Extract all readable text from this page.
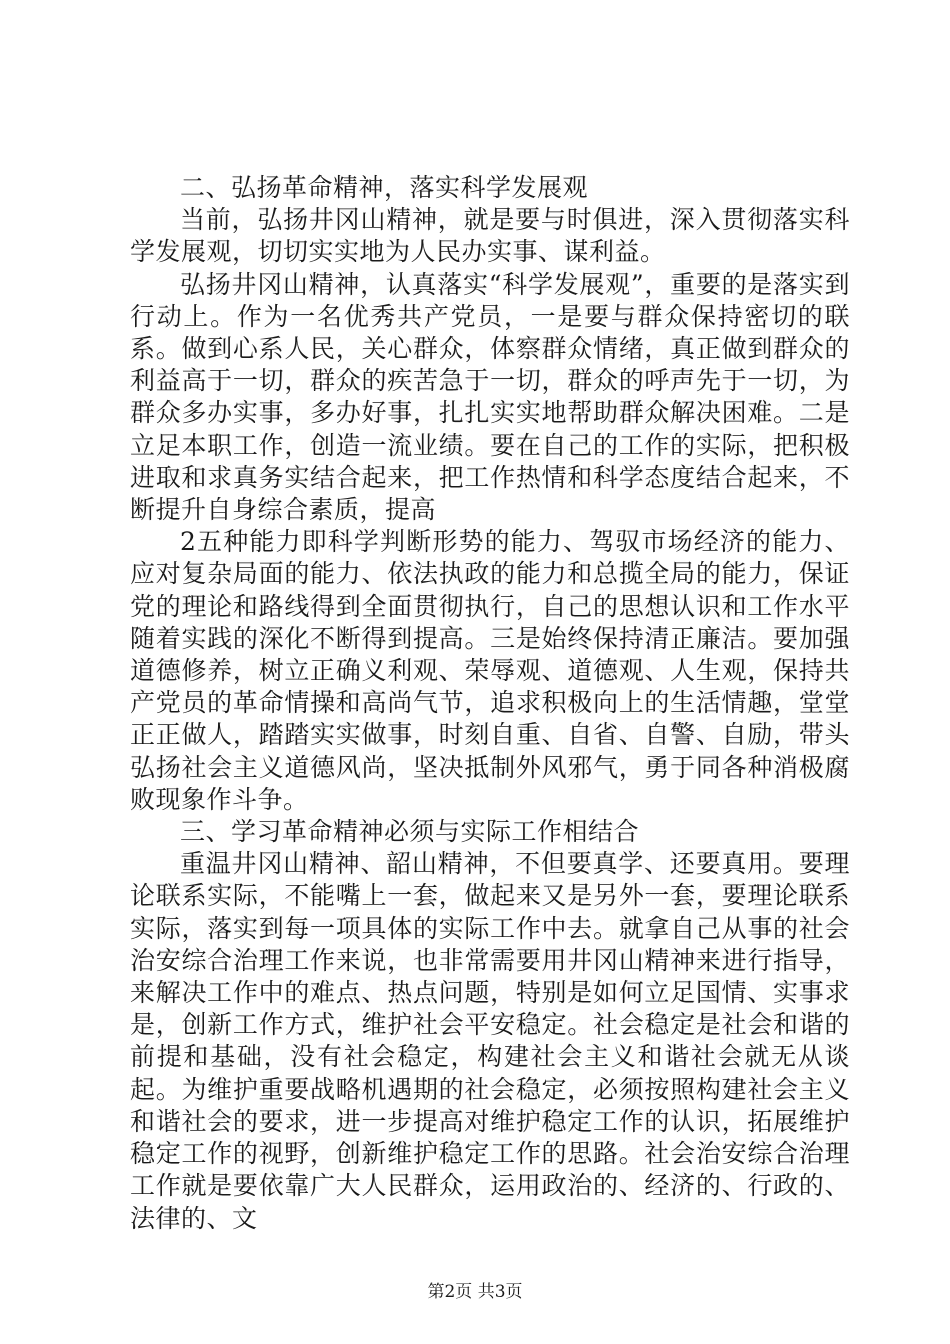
二、弘扬革命精神，落实科学发展观

当前，弘扬井冈山精神，就是要与时俱进，深入贯彻落实科学发展观，切切实实地为人民办实事、谋利益。

弘扬井冈山精神，认真落实“科学发展观”，重要的是落实到行动上。作为一名优秀共产党员，一是要与群众保持密切的联系。做到心系人民，关心群众，体察群众情绪，真正做到群众的利益高于一切，群众的疾苦急于一切，群众的呼声先于一切，为群众多办实事，多办好事，扎扎实实地帮助群众解决困难。二是立足本职工作，创造一流业绩。要在自己的工作的实际，把积极进取和求真务实结合起来，把工作热情和科学态度结合起来，不断提升自身综合素质，提高

2五种能力即科学判断形势的能力、驾驭市场经济的能力、应对复杂局面的能力、依法执政的能力和总揽全局的能力，保证党的理论和路线得到全面贯彻执行，自己的思想认识和工作水平随着实践的深化不断得到提高。三是始终保持清正廉洁。要加强道德修养，树立正确义利观、荣辱观、道德观、人生观，保持共产党员的革命情操和高尚气节，追求积极向上的生活情趣，堂堂正正做人，踏踏实实做事，时刻自重、自省、自警、自励，带头弘扬社会主义道德风尚，坚决抵制外风邪气，勇于同各种消极腐败现象作斗争。

三、学习革命精神必须与实际工作相结合

重温井冈山精神、韶山精神，不但要真学、还要真用。要理论联系实际，不能嘴上一套，做起来又是另外一套，要理论联系实际，落实到每一项具体的实际工作中去。就拿自己从事的社会治安综合治理工作来说，也非常需要用井冈山精神来进行指导，来解决工作中的难点、热点问题，特别是如何立足国情、实事求是，创新工作方式，维护社会平安稳定。社会稳定是社会和谐的前提和基础，没有社会稳定，构建社会主义和谐社会就无从谈起。为维护重要战略机遇期的社会稳定，必须按照构建社会主义和谐社会的要求，进一步提高对维护稳定工作的认识，拓展维护稳定工作的视野，创新维护稳定工作的思路。社会治安综合治理工作就是要依靠广大人民群众，运用政治的、经济的、行政的、法律的、文

第2页 共3页
